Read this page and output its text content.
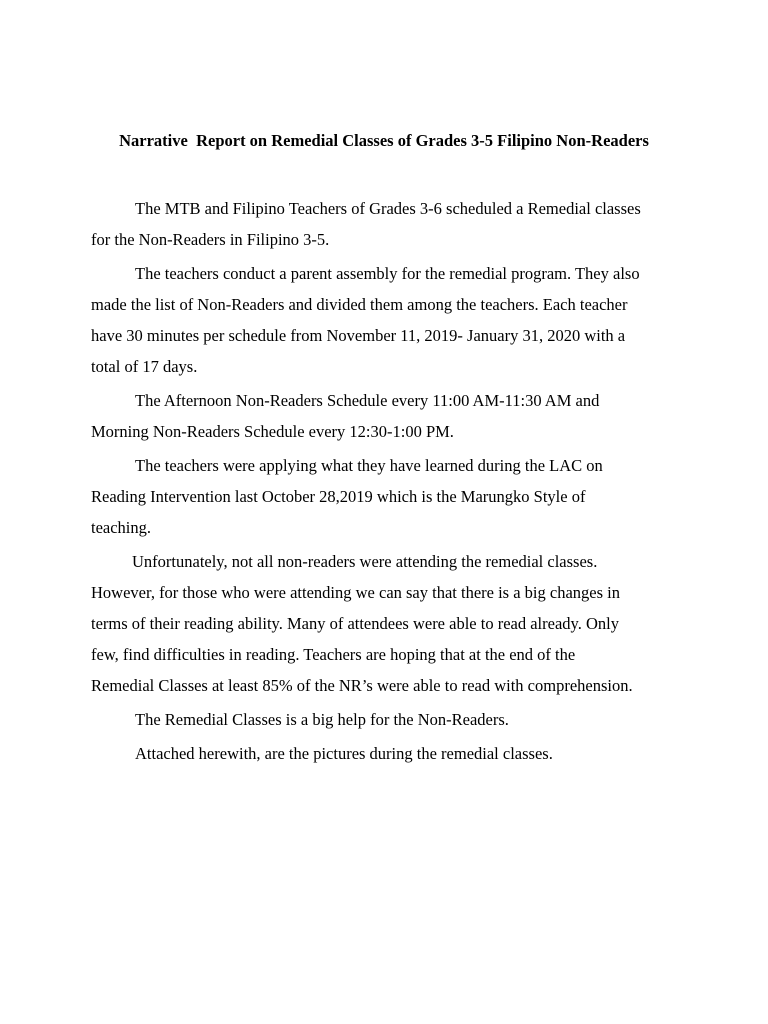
Narrative  Report on Remedial Classes of Grades 3-5 Filipino Non-Readers

The MTB and Filipino Teachers of Grades 3-6 scheduled a Remedial classes
for the Non-Readers in Filipino 3-5.

The teachers conduct a parent assembly for the remedial program. They also
made the list of Non-Readers and divided them among the teachers. Each teacher
have 30 minutes per schedule from November 11, 2019- January 31, 2020 with a
total of 17 days.

The Afternoon Non-Readers Schedule every 11:00 AM-11:30 AM and
Morning Non-Readers Schedule every 12:30-1:00 PM.

The teachers were applying what they have learned during the LAC on
Reading Intervention last October 28,2019 which is the Marungko Style of
teaching.

Unfortunately, not all non-readers were attending the remedial classes.
However, for those who were attending we can say that there is a big changes in
terms of their reading ability. Many of attendees were able to read already. Only
few, find difficulties in reading. Teachers are hoping that at the end of the
Remedial Classes at least 85% of the NR’s were able to read with comprehension.

The Remedial Classes is a big help for the Non-Readers.

Attached herewith, are the pictures during the remedial classes.
